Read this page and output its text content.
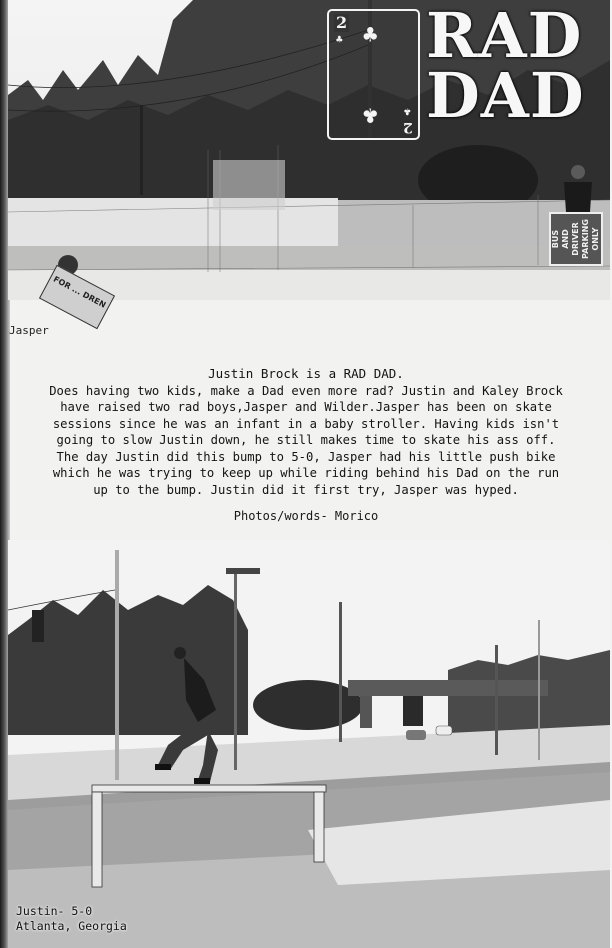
2
♣ ♣
♣ ♣
2
RAD
DAD
BUS AND DRIVER PARKING ONLY
FOR ... DREN
Jasper

Justin Brock is a RAD DAD.

Does having two kids, make a Dad even more rad? Justin and Kaley Brock

have raised two rad boys,Jasper and Wilder.Jasper has been on skate

sessions since he was an infant in a baby stroller. Having kids isn't

going to slow Justin down, he still makes time to skate his ass off.

The day Justin did this bump to 5-0, Jasper had his little push bike

which he was trying to keep up while riding behind his Dad on the run

up to the bump. Justin did it first try, Jasper was hyped.

Photos/words- Morico
Justin- 5-0
Atlanta, Georgia
